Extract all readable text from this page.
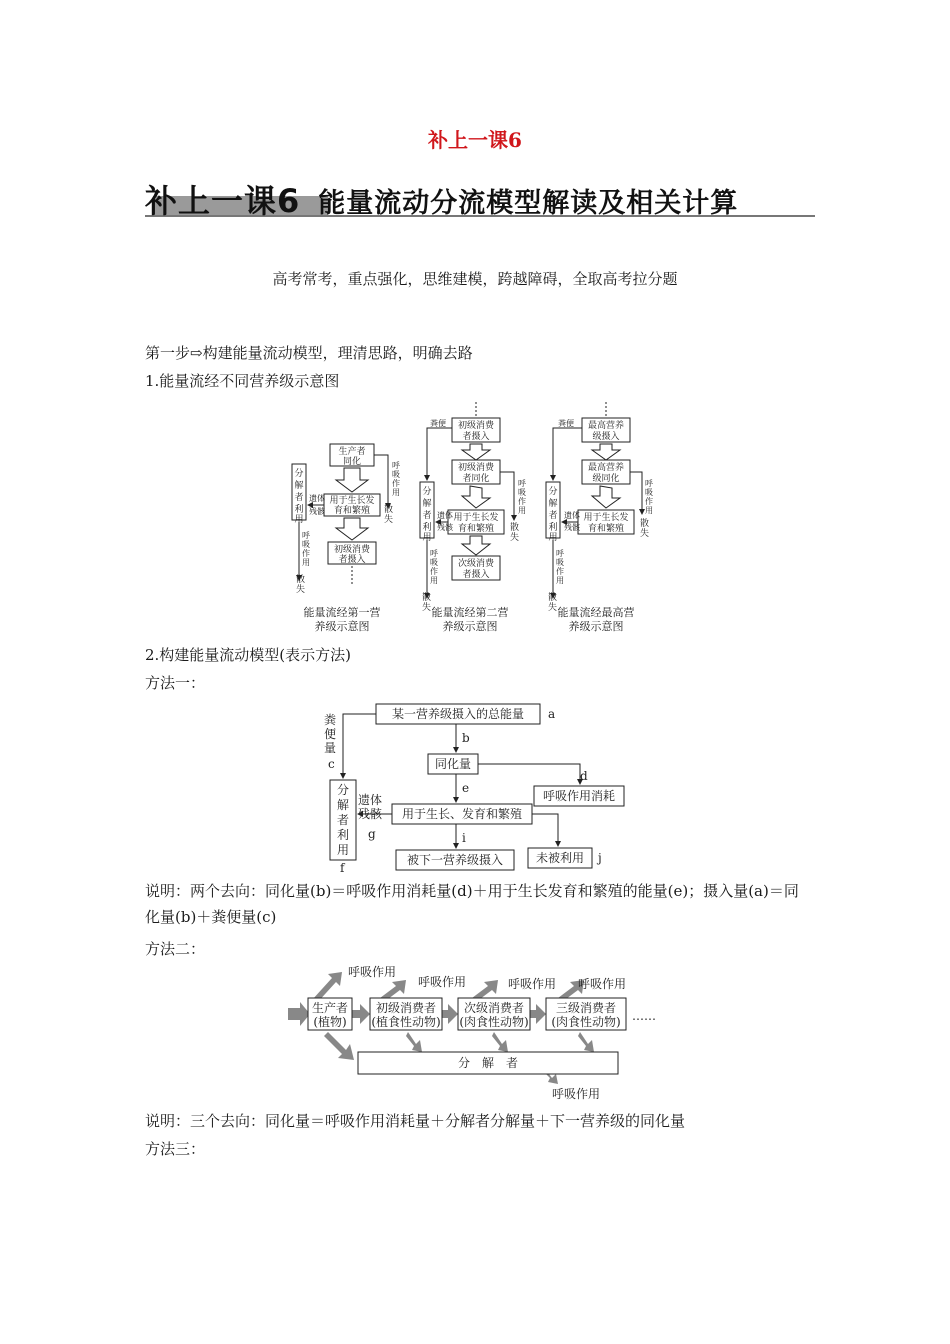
补上一课6
补上一课6 能量流动分流模型解读及相关计算
高考常考，重点强化，思维建模，跨越障碍，全取高考拉分题
第一步⇨构建能量流动模型，理清思路，明确去路
1.能量流经不同营养级示意图
生产者
同化
用于生长发
育和繁殖
初级消费
者摄入
分
解
者
利
用
呼
吸
作
用
散
失
遗体
残骸
呼
吸
作
用
散
失
能量流经第一营
养级示意图
初级消费
者摄入
初级消费
者同化
用于生长发
育和繁殖
次级消费
者摄入
粪便
分
解
者
利
用
呼
吸
作
用
散
失
遗体
残骸
呼
吸
作
用
散
失 能量流经第二营
养级示意图
最高营养
级摄入
最高营养
级同化
用于生长发
育和繁殖
粪便
分
解
者
利
用
呼
吸
作
用
散
失
遗体
残骸
呼
吸
作
用
散
失 能量流经最高营
养级示意图
2.构建能量流动模型(表示方法)
方法一：
某一营养级摄入的总能量
同化量
呼吸作用消耗
用于生长、发育和繁殖
被下一营养级摄入	未被利用
分
解
者
利
用
粪
便
量
c
遗体
残骸
g
f
a
b
d
e
i
j
说明：两个去向：同化量(b)＝呼吸作用消耗量(d)＋用于生长发育和繁殖的能量(e)；摄入量(a)＝同化量(b)＋粪便量(c)
方法二：
生产者
(植物)
初级消费者
(植食性动物)
次级消费者
(肉食性动物)
三级消费者
(肉食性动物) ……
分　解　者
呼吸作用
呼吸作用	呼吸作用 呼吸作用
呼吸作用
说明：三个去向：同化量＝呼吸作用消耗量＋分解者分解量＋下一营养级的同化量
方法三：
